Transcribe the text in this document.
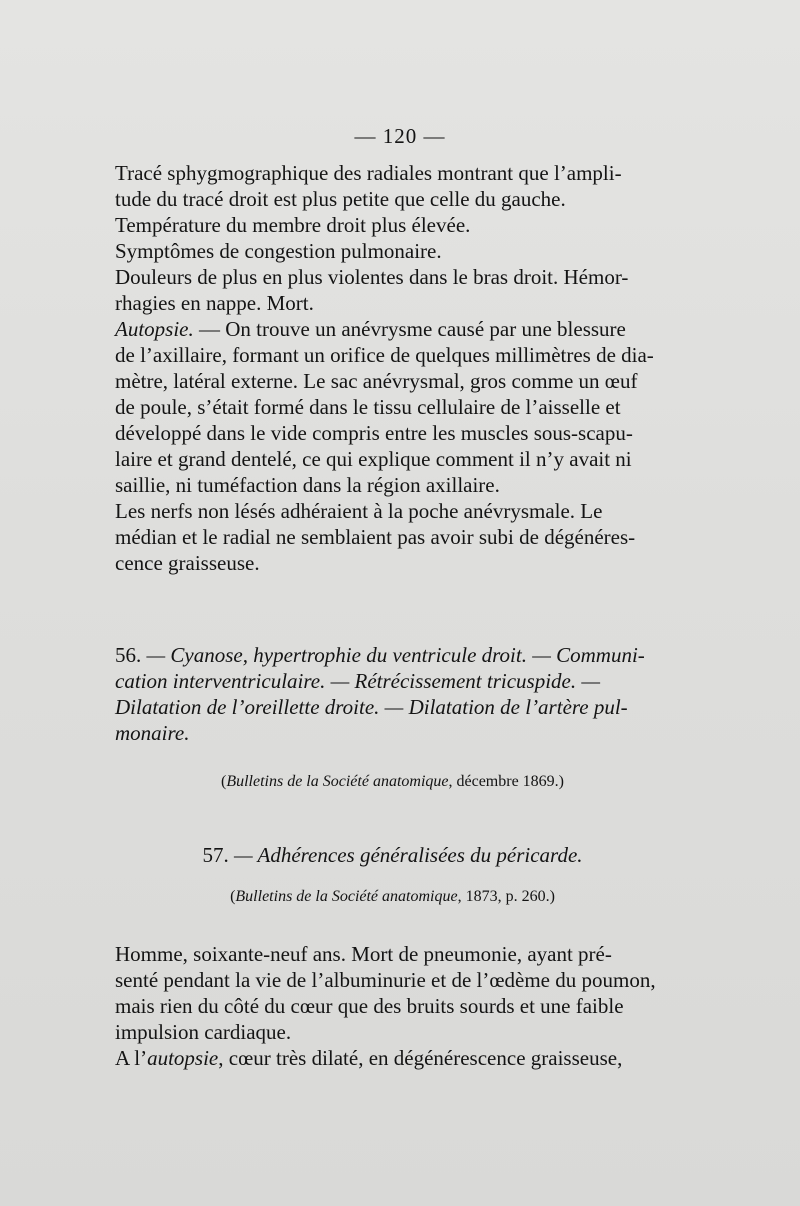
— 120 —

Tracé sphygmographique des radiales montrant que l’ampli-

tude du tracé droit est plus petite que celle du gauche.

Température du membre droit plus élevée.

Symptômes de congestion pulmonaire.

Douleurs de plus en plus violentes dans le bras droit. Hémor-

rhagies en nappe. Mort.

Autopsie. — On trouve un anévrysme causé par une blessure

de l’axillaire, formant un orifice de quelques millimètres de dia-

mètre, latéral externe. Le sac anévrysmal, gros comme un œuf

de poule, s’était formé dans le tissu cellulaire de l’aisselle et

développé dans le vide compris entre les muscles sous-scapu-

laire et grand dentelé, ce qui explique comment il n’y avait ni

saillie, ni tuméfaction dans la région axillaire.

Les nerfs non lésés adhéraient à la poche anévrysmale. Le

médian et le radial ne semblaient pas avoir subi de dégénéres-

cence graisseuse.

56. — Cyanose, hypertrophie du ventricule droit. — Communi-

cation interventriculaire. — Rétrécissement tricuspide. —

Dilatation de l’oreillette droite. — Dilatation de l’artère pul-

monaire.

(Bulletins de la Société anatomique, décembre 1869.)
57. — Adhérences généralisées du péricarde.
(Bulletins de la Société anatomique, 1873, p. 260.)

Homme, soixante-neuf ans. Mort de pneumonie, ayant pré-

senté pendant la vie de l’albuminurie et de l’œdème du poumon,

mais rien du côté du cœur que des bruits sourds et une faible

impulsion cardiaque.

A l’autopsie, cœur très dilaté, en dégénérescence graisseuse,
